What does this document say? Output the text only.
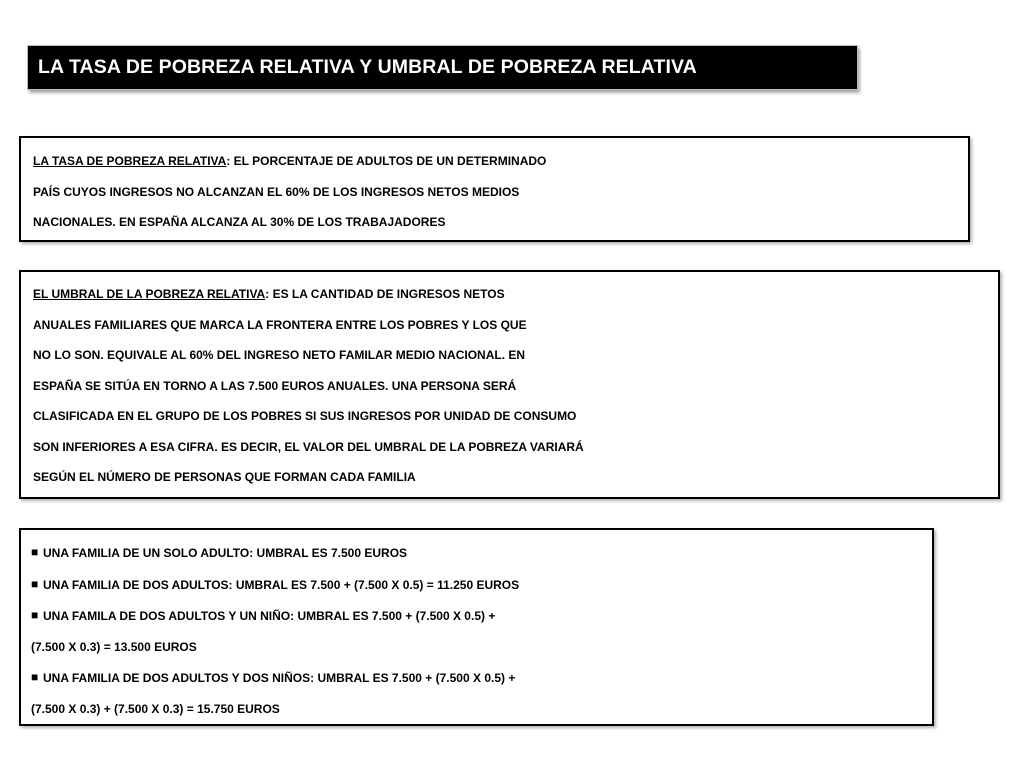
LA TASA DE POBREZA RELATIVA Y UMBRAL DE POBREZA RELATIVA
LA TASA DE POBREZA RELATIVA: EL PORCENTAJE DE ADULTOS DE UN DETERMINADO
PAÍS CUYOS INGRESOS NO ALCANZAN EL 60% DE LOS INGRESOS NETOS MEDIOS
NACIONALES. EN ESPAÑA ALCANZA AL 30% DE LOS TRABAJADORES
EL UMBRAL DE LA POBREZA RELATIVA: ES LA CANTIDAD DE INGRESOS NETOS
ANUALES FAMILIARES QUE MARCA LA FRONTERA ENTRE LOS POBRES Y LOS QUE
NO LO SON. EQUIVALE AL 60% DEL INGRESO NETO FAMILAR MEDIO NACIONAL. EN
ESPAÑA SE SITÚA EN TORNO A LAS 7.500 EUROS ANUALES. UNA PERSONA SERÁ
CLASIFICADA EN EL GRUPO DE LOS POBRES SI SUS INGRESOS POR UNIDAD DE CONSUMO
SON INFERIORES A ESA CIFRA. ES DECIR, EL VALOR DEL UMBRAL DE LA POBREZA VARIARÁ
SEGÚN EL NÚMERO DE PERSONAS QUE FORMAN CADA FAMILIA
■ UNA FAMILIA DE UN SOLO ADULTO: UMBRAL ES 7.500 EUROS
■ UNA FAMILIA DE DOS ADULTOS: UMBRAL ES 7.500 + (7.500 X 0.5) = 11.250 EUROS
■ UNA FAMILA DE DOS ADULTOS Y UN NIÑO: UMBRAL ES 7.500 + (7.500 X 0.5) +
(7.500 X 0.3) = 13.500 EUROS
■ UNA FAMILIA DE DOS ADULTOS Y DOS NIÑOS: UMBRAL ES 7.500 + (7.500 X 0.5) +
(7.500 X 0.3) + (7.500 X 0.3) = 15.750 EUROS
